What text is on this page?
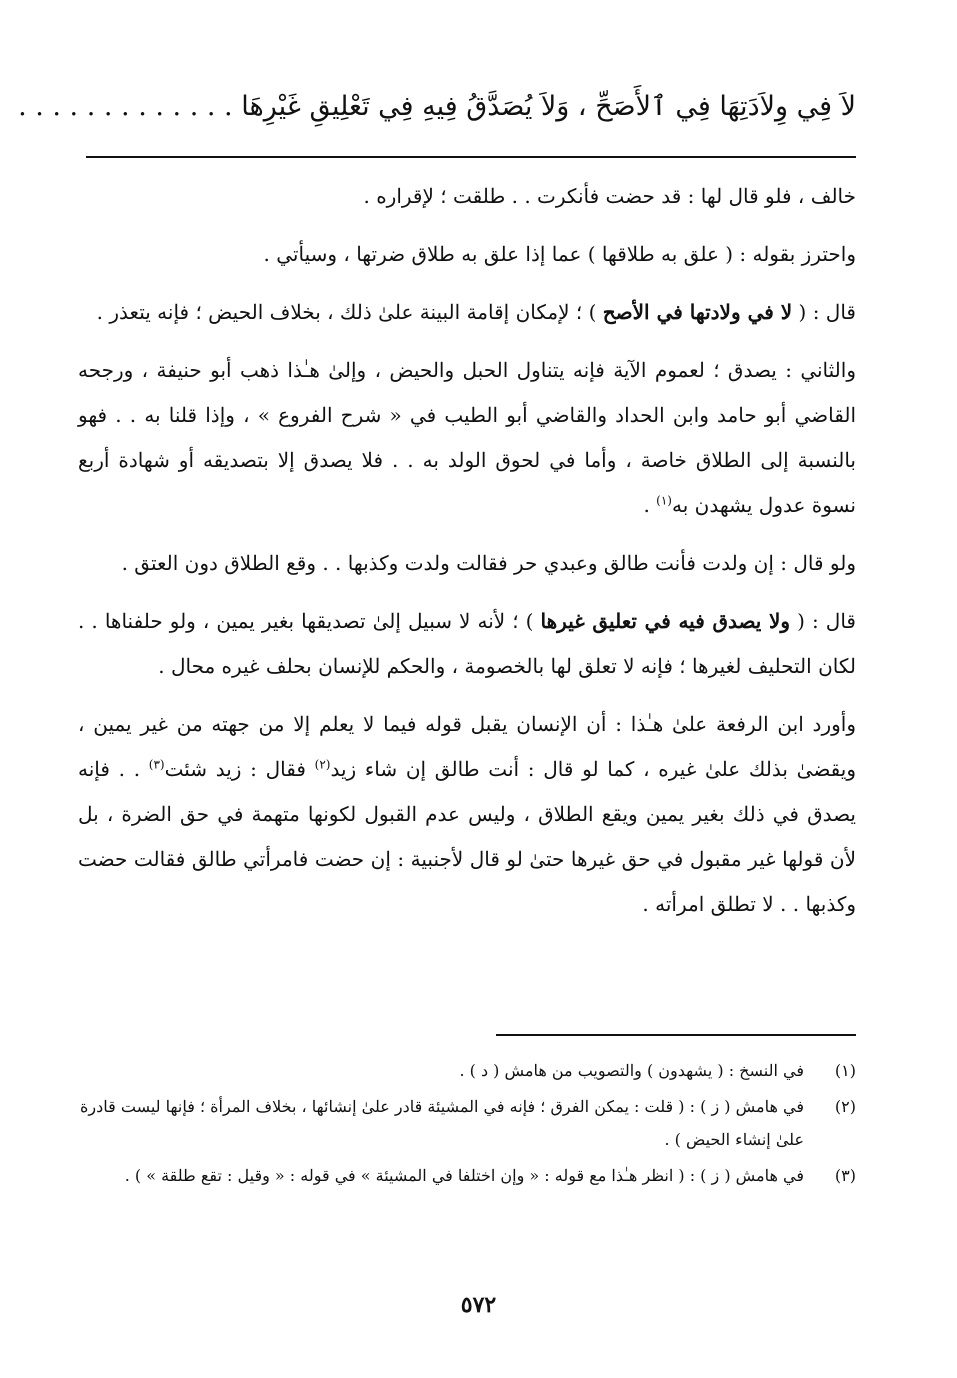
لاَ فِي وِلاَدَتِهَا فِي ٱلأَصَحِّ ، وَلاَ يُصَدَّقُ فِيهِ فِي تَعْلِيقِ غَيْرِهَا . . . . . . . . . . . . .

خالف ، فلو قال لها : قد حضت فأنكرت . . طلقت ؛ لإقراره .

واحترز بقوله : ( علق به طلاقها ) عما إذا علق به طلاق ضرتها ، وسيأتي .

قال : ( لا في ولادتها في الأصح ) ؛ لإمكان إقامة البينة علىٰ ذلك ، بخلاف الحيض ؛ فإنه يتعذر .

والثاني : يصدق ؛ لعموم الآية فإنه يتناول الحبل والحيض ، وإلىٰ هـٰذا ذهب أبو حنيفة ، ورجحه القاضي أبو حامد وابن الحداد والقاضي أبو الطيب في « شرح الفروع » ، وإذا قلنا به . . فهو بالنسبة إلى الطلاق خاصة ، وأما في لحوق الولد به . . فلا يصدق إلا بتصديقه أو شهادة أربع نسوة عدول يشهدن به$^{(١)}$ .

ولو قال : إن ولدت فأنت طالق وعبدي حر فقالت ولدت وكذبها . . وقع الطلاق دون العتق .

قال : ( ولا يصدق فيه في تعليق غيرها ) ؛ لأنه لا سبيل إلىٰ تصديقها بغير يمين ، ولو حلفناها . . لكان التحليف لغيرها ؛ فإنه لا تعلق لها بالخصومة ، والحكم للإنسان بحلف غيره محال .

وأورد ابن الرفعة علىٰ هـٰذا : أن الإنسان يقبل قوله فيما لا يعلم إلا من جهته من غير يمين ، ويقضىٰ بذلك علىٰ غيره ، كما لو قال : أنت طالق إن شاء زيد$^{(٢)}$ فقال : زيد شئت$^{(٣)}$ . . فإنه يصدق في ذلك بغير يمين ويقع الطلاق ، وليس عدم القبول لكونها متهمة في حق الضرة ، بل لأن قولها غير مقبول في حق غيرها حتىٰ لو قال لأجنبية : إن حضت فامرأتي طالق فقالت حضت وكذبها . . لا تطلق امرأته .

(١)
في النسخ : ( يشهدون ) والتصويب من هامش ( د ) .
(٢)
في هامش ( ز ) : ( قلت : يمكن الفرق ؛ فإنه في المشيئة قادر علىٰ إنشائها ، بخلاف المرأة ؛ فإنها ليست قادرة علىٰ إنشاء الحيض ) .
(٣)
في هامش ( ز ) : ( انظر هـٰذا مع قوله : « وإن اختلفا في المشيئة » في قوله : « وقيل : تقع طلقة » ) .
٥٧٢
